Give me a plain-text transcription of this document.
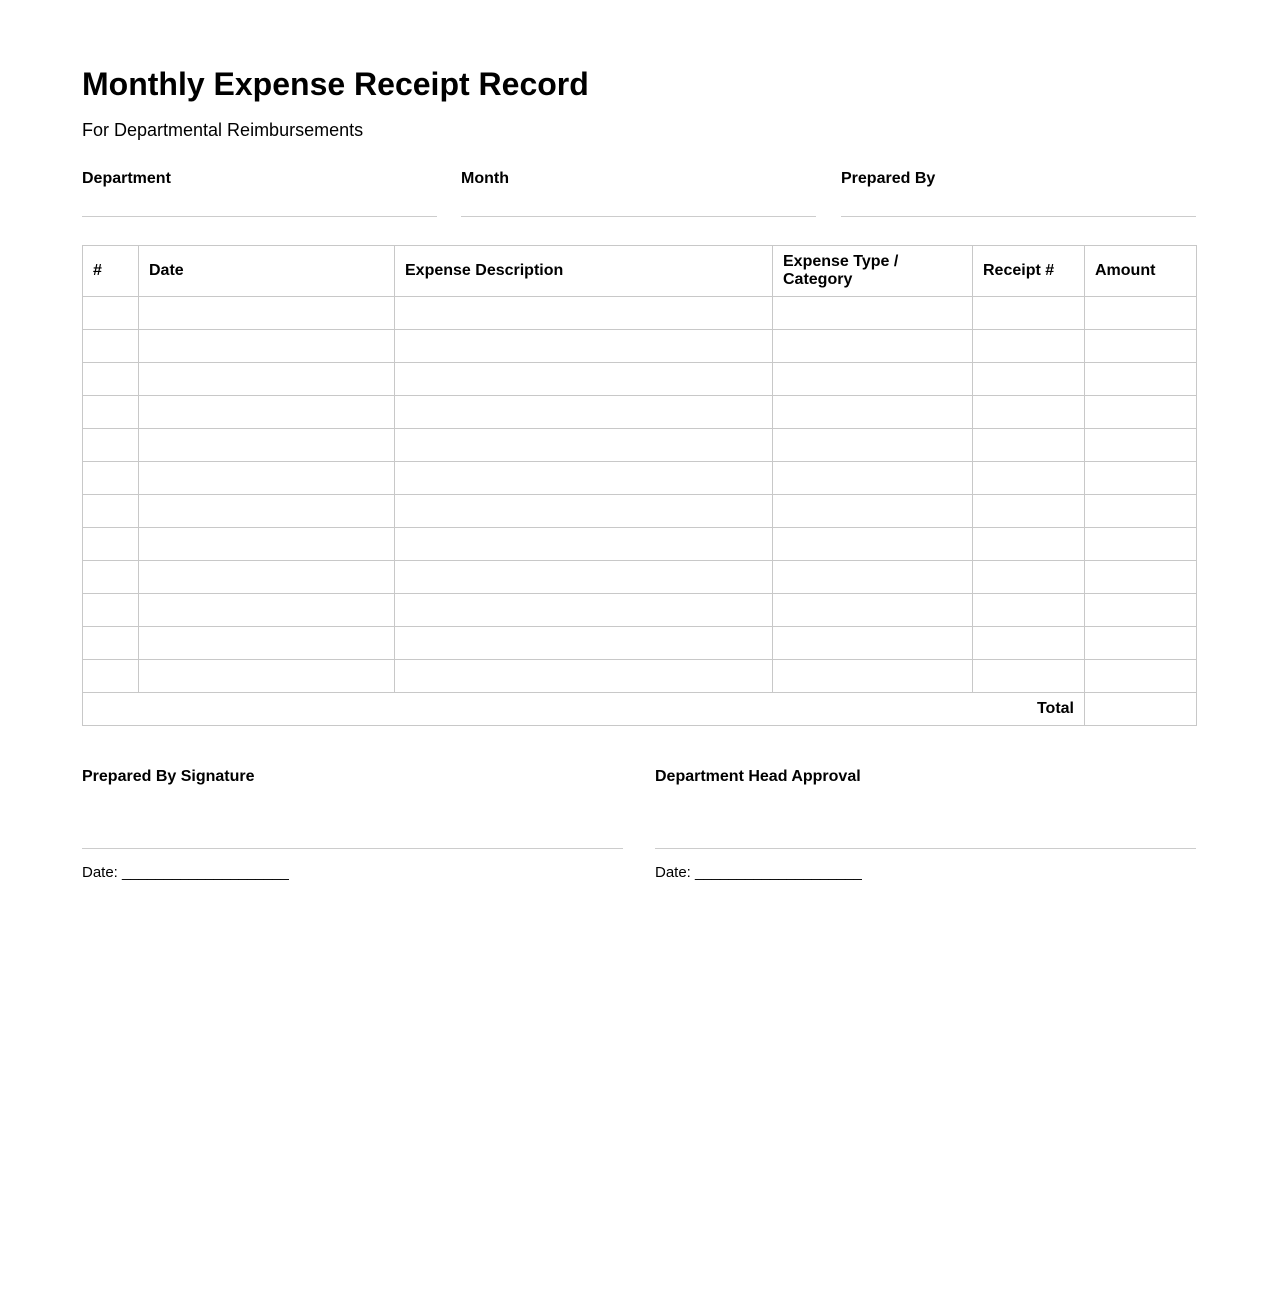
Monthly Expense Receipt Record
For Departmental Reimbursements
Department	Month	Prepared By
#	Date	Expense Description	Expense Type / Category	Receipt #	Amount

Total					
Prepared By Signature
Date: ____________________
Department Head Approval
Date: ____________________
